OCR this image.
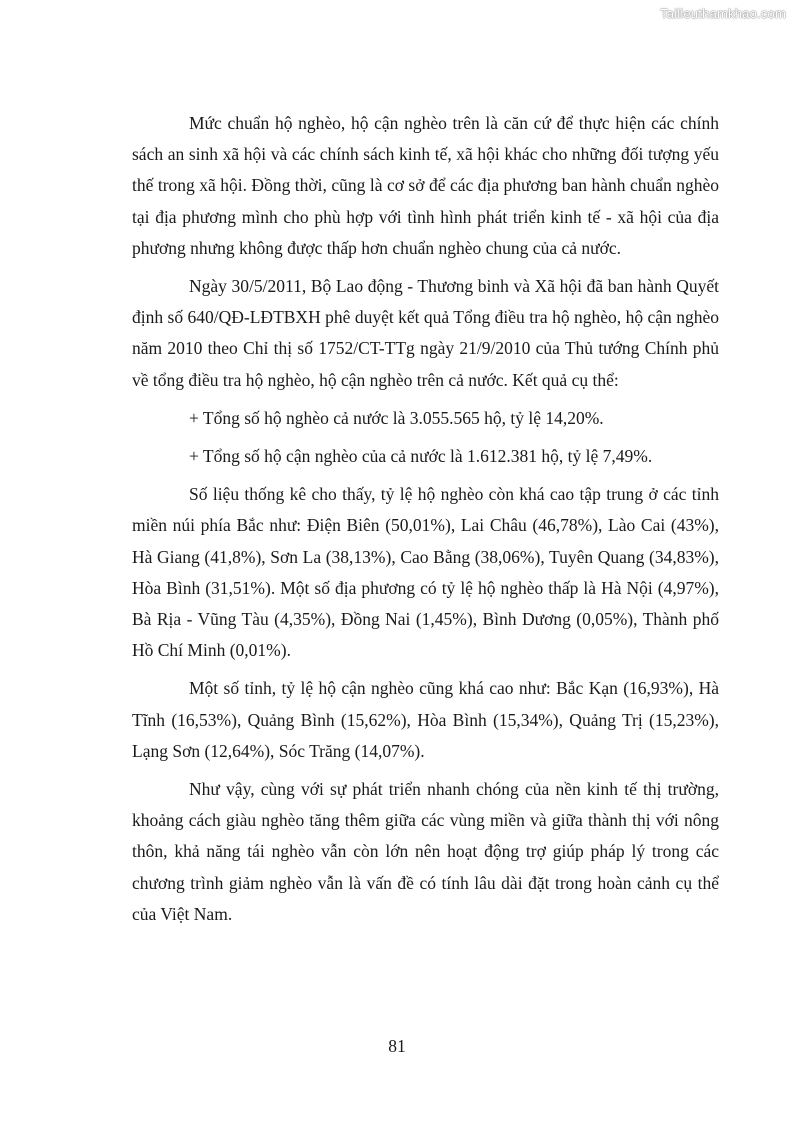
Tailieuthamkhao.com

Mức chuẩn hộ nghèo, hộ cận nghèo trên là căn cứ để thực hiện các chính sách an sinh xã hội và các chính sách kinh tế, xã hội khác cho những đối tượng yếu thế trong xã hội. Đồng thời, cũng là cơ sở để các địa phương ban hành chuẩn nghèo tại địa phương mình cho phù hợp với tình hình phát triển kinh tế - xã hội của địa phương nhưng không được thấp hơn chuẩn nghèo chung của cả nước.

Ngày 30/5/2011, Bộ Lao động - Thương binh và Xã hội đã ban hành Quyết định số 640/QĐ-LĐTBXH phê duyệt kết quả Tổng điều tra hộ nghèo, hộ cận nghèo năm 2010 theo Chỉ thị số 1752/CT-TTg ngày 21/9/2010 của Thủ tướng Chính phủ về tổng điều tra hộ nghèo, hộ cận nghèo trên cả nước. Kết quả cụ thể:

+ Tổng số hộ nghèo cả nước là 3.055.565 hộ, tỷ lệ 14,20%.

+ Tổng số hộ cận nghèo của cả nước là 1.612.381 hộ, tỷ lệ 7,49%.

Số liệu thống kê cho thấy, tỷ lệ hộ nghèo còn khá cao tập trung ở các tỉnh miền núi phía Bắc như: Điện Biên (50,01%), Lai Châu (46,78%), Lào Cai (43%), Hà Giang (41,8%), Sơn La (38,13%), Cao Bằng (38,06%), Tuyên Quang (34,83%), Hòa Bình (31,51%). Một số địa phương có tỷ lệ hộ nghèo thấp là Hà Nội (4,97%), Bà Rịa - Vũng Tàu (4,35%), Đồng Nai (1,45%), Bình Dương (0,05%), Thành phố Hồ Chí Minh (0,01%).

Một số tỉnh, tỷ lệ hộ cận nghèo cũng khá cao như: Bắc Kạn (16,93%), Hà Tĩnh (16,53%), Quảng Bình (15,62%), Hòa Bình (15,34%), Quảng Trị (15,23%), Lạng Sơn (12,64%), Sóc Trăng (14,07%).

Như vậy, cùng với sự phát triển nhanh chóng của nền kinh tế thị trường, khoảng cách giàu nghèo tăng thêm giữa các vùng miền và giữa thành thị với nông thôn, khả năng tái nghèo vẫn còn lớn nên hoạt động trợ giúp pháp lý trong các chương trình giảm nghèo vẫn là vấn đề có tính lâu dài đặt trong hoàn cảnh cụ thể của Việt Nam.

81
